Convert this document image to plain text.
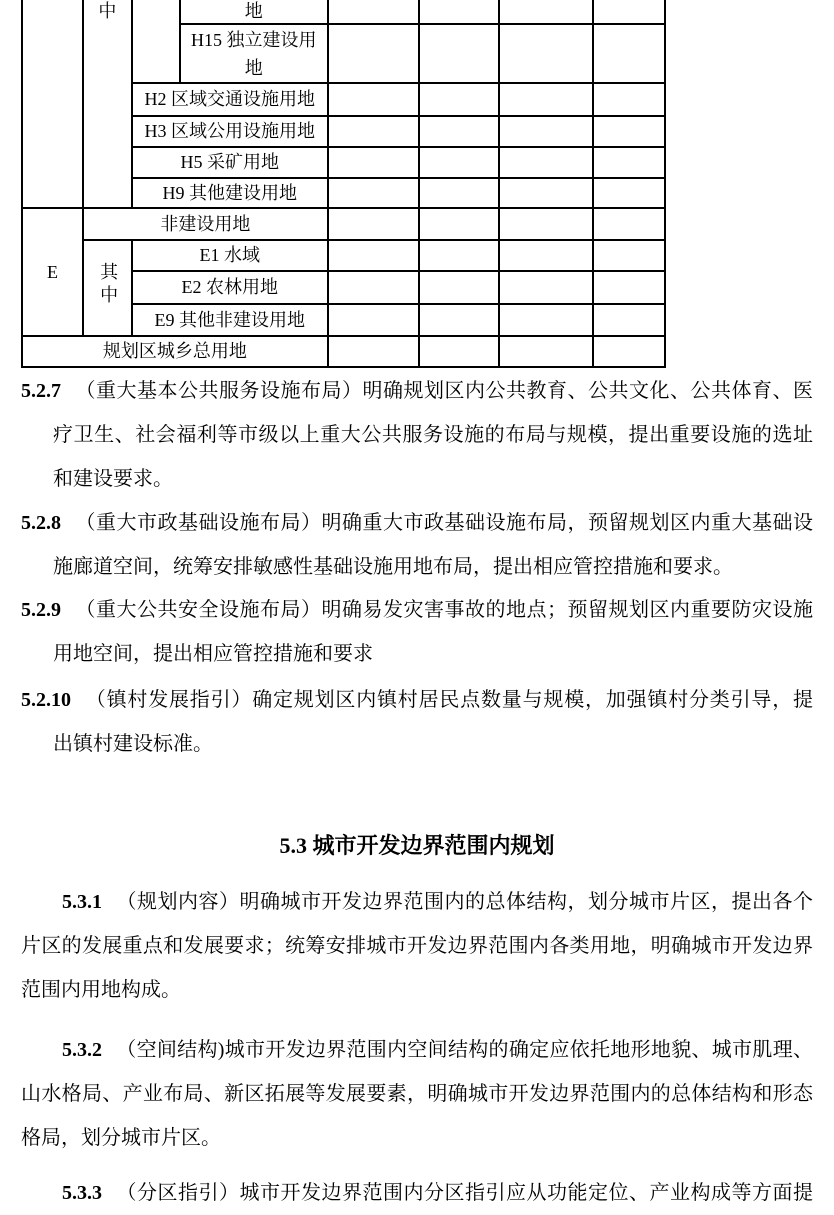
	中		地				
			H15 独立建设用地				
		H2 区域交通设施用地					
		H3 区域公用设施用地					
		H5 采矿用地					
		H9 其他建设用地					
E	非建设用地						
	其中	E1 水域					
		E2 农林用地					
		E9 其他非建设用地					
规划区城乡总用地							
5.2.7 （重大基本公共服务设施布局）明确规划区内公共教育、公共文化、公共体育、医
疗卫生、社会福利等市级以上重大公共服务设施的布局与规模，提出重要设施的选址
和建设要求。
5.2.8 （重大市政基础设施布局）明确重大市政基础设施布局，预留规划区内重大基础设
施廊道空间，统筹安排敏感性基础设施用地布局，提出相应管控措施和要求。
5.2.9 （重大公共安全设施布局）明确易发灾害事故的地点；预留规划区内重要防灾设施
用地空间，提出相应管控措施和要求
5.2.10 （镇村发展指引）确定规划区内镇村居民点数量与规模，加强镇村分类引导，提
出镇村建设标准。
5.3 城市开发边界范围内规划
5.3.1 （规划内容）明确城市开发边界范围内的总体结构，划分城市片区，提出各个
片区的发展重点和发展要求；统筹安排城市开发边界范围内各类用地，明确城市开发边界
范围内用地构成。
5.3.2 （空间结构)城市开发边界范围内空间结构的确定应依托地形地貌、城市肌理、
山水格局、产业布局、新区拓展等发展要素，明确城市开发边界范围内的总体结构和形态
格局，划分城市片区。
5.3.3 （分区指引）城市开发边界范围内分区指引应从功能定位、产业构成等方面提
